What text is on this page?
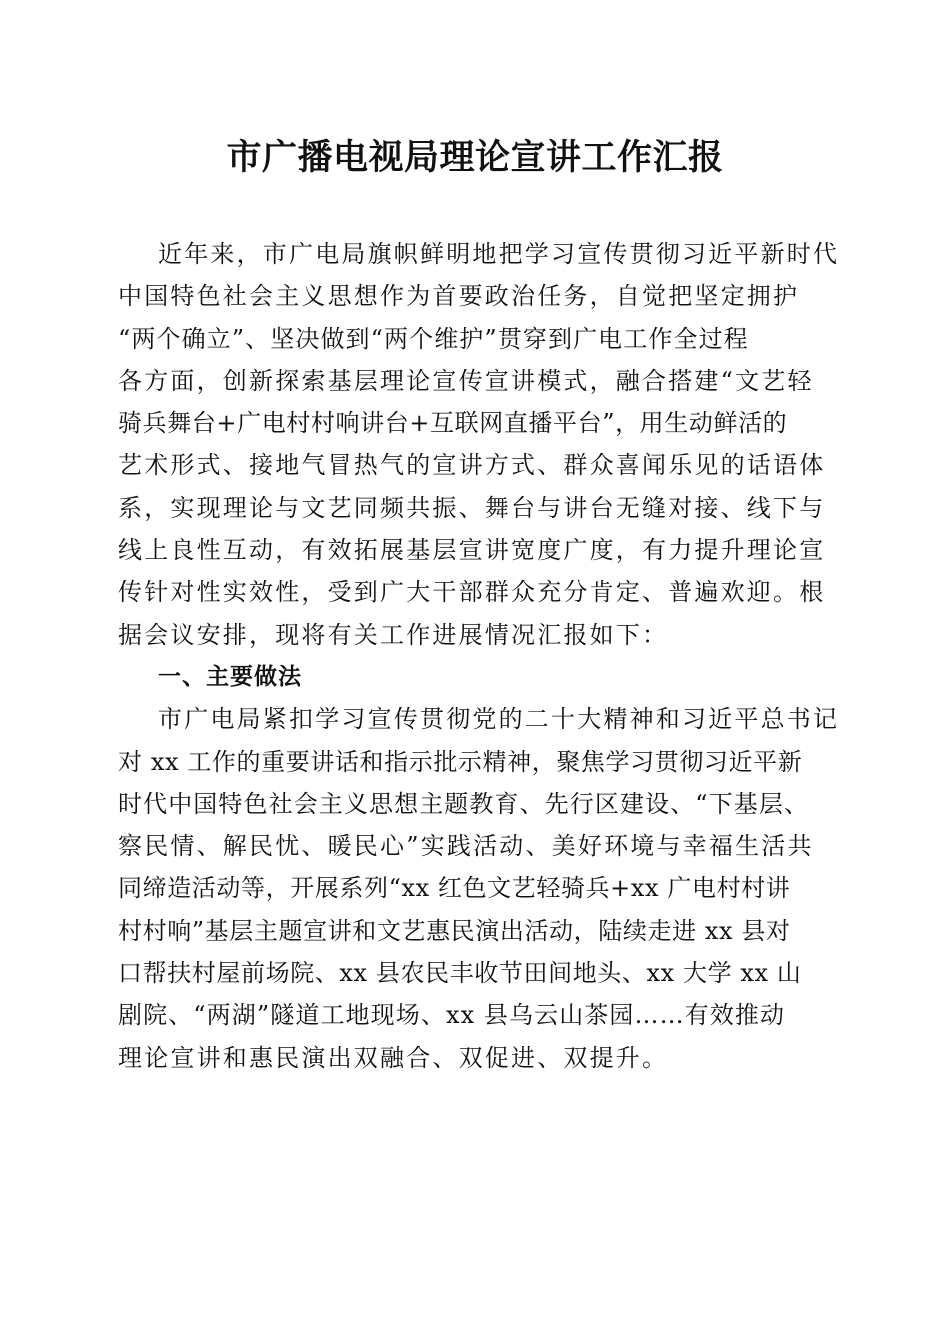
市广播电视局理论宣讲工作汇报
近年来，市广电局旗帜鲜明地把学习宣传贯彻习近平新时代
中国特色社会主义思想作为首要政治任务，自觉把坚定拥护
“两个确立”、坚决做到“两个维护”贯穿到广电工作全过程
各方面，创新探索基层理论宣传宣讲模式，融合搭建“文艺轻
骑兵舞台+广电村村响讲台+互联网直播平台”，用生动鲜活的
艺术形式、接地气冒热气的宣讲方式、群众喜闻乐见的话语体
系，实现理论与文艺同频共振、舞台与讲台无缝对接、线下与
线上良性互动，有效拓展基层宣讲宽度广度，有力提升理论宣
传针对性实效性，受到广大干部群众充分肯定、普遍欢迎。根
据会议安排，现将有关工作进展情况汇报如下：
一、主要做法
市广电局紧扣学习宣传贯彻党的二十大精神和习近平总书记
对 xx 工作的重要讲话和指示批示精神，聚焦学习贯彻习近平新
时代中国特色社会主义思想主题教育、先行区建设、“下基层、
察民情、解民忧、暖民心”实践活动、美好环境与幸福生活共
同缔造活动等，开展系列“xx 红色文艺轻骑兵+xx 广电村村讲
村村响”基层主题宣讲和文艺惠民演出活动，陆续走进 xx 县对
口帮扶村屋前场院、xx 县农民丰收节田间地头、xx 大学 xx 山
剧院、“两湖”隧道工地现场、xx 县乌云山茶园……有效推动
理论宣讲和惠民演出双融合、双促进、双提升。
